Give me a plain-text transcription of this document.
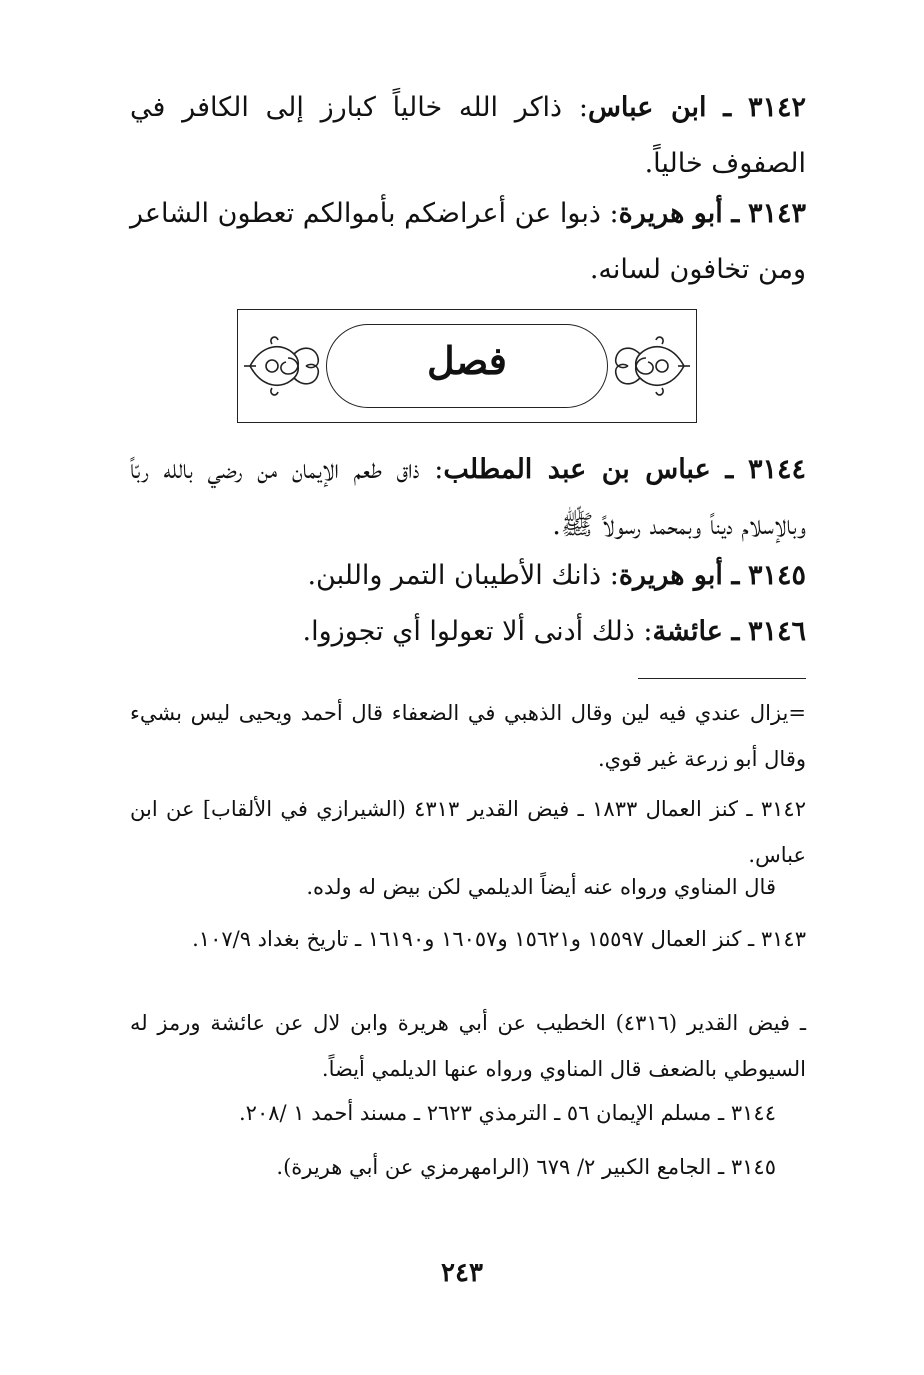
٣١٤٢ ـ ابن عباس: ذاكر الله خالياً كبارز إلى الكافر في الصفوف خالياً.
٣١٤٣ ـ أبو هريرة: ذبوا عن أعراضكم بأموالكم تعطون الشاعر ومن تخافون لسانه.
فصل
٣١٤٤ ـ عباس بن عبد المطلب: ذاق طعم الإيمان من رضي بالله ربّاً وبالإسلام ديناً وبمحمد رسولاً ﷺ.
٣١٤٥ ـ أبو هريرة: ذانك الأطيبان التمر واللبن.
٣١٤٦ ـ عائشة: ذلك أدنى ألا تعولوا أي تجوزوا.
=يزال عندي فيه لين وقال الذهبي في الضعفاء قال أحمد ويحيى ليس بشيء وقال أبو زرعة غير قوي.
٣١٤٢ ـ كنز العمال ١٨٣٣ ـ فيض القدير ٤٣١٣ (الشيرازي في الألقاب] عن ابن عباس.
قال المناوي ورواه عنه أيضاً الديلمي لكن بيض له ولده.
٣١٤٣ ـ كنز العمال ١٥٥٩٧ و١٥٦٢١ و١٦٠٥٧ و١٦١٩٠ ـ تاريخ بغداد ١٠٧/٩.
ـ فيض القدير (٤٣١٦) الخطيب عن أبي هريرة وابن لال عن عائشة ورمز له السيوطي بالضعف قال المناوي ورواه عنها الديلمي أيضاً.
٣١٤٤ ـ مسلم الإيمان ٥٦ ـ الترمذي ٢٦٢٣ ـ مسند أحمد ١ /٢٠٨.
٣١٤٥ ـ الجامع الكبير ٢/ ٦٧٩ (الرامهرمزي عن أبي هريرة).
٢٤٣
